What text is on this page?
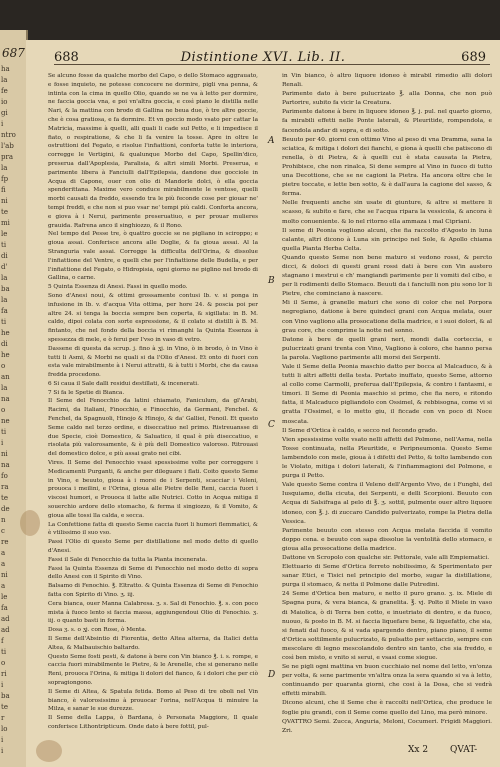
687
ha
la
fe
io
gi
i
ntro
l'ab
pra
la
fp
fi
ni
te
mi
le
ti
di
d'
la
ba
la
fa
ti
he
di
he
o
an
la
na
o
ne
ti
i
ni
na
fo
ra
te
de
n
c
re
a
a
ni
a
le
fa
ad
ad
f
ti
o
ri
i
ba
te
r
lo
i
i
688	Distintione XVI. Lib. II.	689

Se alcuno fosse da qualche morbo del Capo, o dello Stomaco aggrauato, e fosse inquieto, ne potesse concocere ne dormire, pigli vna penna, & intinta con la cima in quello Olio, quando se ne va à letto per dormire, ne faccia goccia vna, e poi vn'altra goccia, e così piano le distilla nelle Nari, & la mattina con brodo di Gallina ne beua due, ò tre altre goccie, che è cosa gratiosa, e fa dormire. Et vn goccio modo vsato per cattar la Matricia, massime à quelli, alli quali li cade sul Petto, e li impedisce il fiato, o respiratione, & che li fa venire la tosse. Apre in oltre le ostruttioni del Fegato, e risolue l'infiattioni, conforta tutte le interiora, corregge le Vertigini, & qualunque Morbo del Capo, Spellin'dico, preserua dall'Apoplesia, Paralisia, & altri simili Morbi. Preserua, e parimente libera à Fanciulli dall'Epilepsia, dandone due gocciole in Acqua di Capone, ouer con olio di Mandorle dolci, ò ella goccia spenderittana. Maxime vero conduce mirabilmente le ventose, quelli morbi causati da freddo, essendo tra le più feconde cose per giouar ne' tempi freddi, e che non si puo vsar ne' tempi più caldi. Conforta ancora, e giova à i Nerui, parimente preseruatiuo, e per prouar mulieres grauida. Rafrena anco il singhiozzo, & il Rono.

Nel tempo del Pesse tre, ò quattro goccie se ne pigliano in sciroppo; e gioua assai. Conferisce ancora alle Doglie, & fa gioua assai. Al la Stranguria vale assai. Corregge la difficulta dell'Orina, & dissolue l'infiattione del Ventre, e quelli che per l'infiattione delle Budella, e per l'infiattione del Fegato, o Hidropisia, ogni giorno ne piglino nel brodo di Gallina, o carne.

5 Quinta Essenza di Anesi. Fassi in quello modo.

Sono d'Anesi noui, & ottimi grossamente contusi lb. v. si ponga in infusione in lb. v. d'acqua Vita ottima, per hore 24. & poscia poi per altre 24. si tenga la boccia sempre ben coperta, & sigillata: in B. M. caldo, dipoi colata con sorte espressione, & il colato si distilli à B. M. fintanto, che nel fondo della boccia vi rimanghi la Quinta Essenza à spessezza di mele, e ò ferui per l'vso in vaso di vetro.

Dassene di questa da scrup. j. fino à ʒj. in Vino, ò in brodo, ò in Vino è tutti li Asmi, & Morbi ne quali si da l'Olio d'Anesi. Et onto di fuori con esta vale mirabilmente à i Nerui attratti, & à tutti i Morbi, che da causa fredda procedono.

6 Si caua il Sale dalli residui destillati, & incenerati.

7 Si fa le Spetie di Bianca.

Il Seme del Fenocchio da latini chiamato, Faniculum, da gl'Arabi, Racimi, da Italiani, Finocchio, e Finocchio, da Germani, Fenchel. & Fenchel, da Spagnuoli, Hinojo & Hinojo, & da' Galliei, Fenoil. Et questo Seme caldo nel terzo ordine, e diseccatiuo nel primo. Ristreuansse di due Specie, cioè Domestico, & Saluatico, il qual è più diseccatiuo, e risolata più valorosamente, & è più dell Domestico valoroso. Ritrouasi del domestico dolce, e più assai grato nei cibi.

Vires. Il Seme del Fenocchio vsasi spessissime volte per correggere i Medicamenti Purganti, & anche per dileguare i flati. Coito questo Seme in Vino, e beuuto, gioua à i morsi de i Serpenti, scacciar i Veleni, prouoca i meilini, e l'Orina, gioua alle Pietre delle Reni, caccia fuori i viscosi humori, e Prouoca il latte alle Nutrici. Cotto in Acqua mitiga il souerchio ardore dello stomacho, & ferma il singiozzo, & il Vomito, & gioua alle tossi lla calda, e secca.

La Confettione fatta di questo Seme caccia fuori li humori flemmatici, & è vtilissimo il suo vso.

Passi l'Olio di questo Seme per distillatione nel modo detto di quello d'Anesi.

Fassi il Sale di Fenocchio da tutta la Pianta incenerata.

Fassi la Quinta Essenza di Seme di Fenocchio nel modo detto di sopra dello Anesi con il Spirito di Vino.

Balsamo di Fenochio. ℥. Eltratto. & Quinta Essenza di Seme di Fenochio fatta con Spirito di Vino. ʒ. iij.

Cera bianca, ouer Manna Calabresa. ʒ. s. Sal di Fenochio. ℥. s. con poco mista à fuoco lento si faccia massa, aggiungendoui Olio di Fenochio. ʒ. iij. o quanto basti in forma.

Dosa ʒ. s. o ʒj. con Rose, ò Menta.

Il Seme dell'Absintio di Fiorentia, detto Altea alterna, da Italici detta Altea, & Malbauischio baltardo.

Questo Seme fosti pesti, & datone à bere con Vin bianco ℥. i. s. rompe, e caccia fuori mirabilmente le Pietre, & le Arenelle, che si generano nelle Reni, prouoca l'Orina, & mitiga li dolori del fianco, & i dolori che per ciò sopragiongono.

Il Seme di Altea, & Spatula fetida. Bomo al Peso di tre oboli nel Vin bianco, è valorosissimo à prouocar l'orina, nell'Acqua ti minuire la Milza, e sanar le sue durezze.

Il Seme della Lappa, ò Bardana, ò Personata Maggiore, Il quale conferisce Lithontripticum. Onde dato à bere fottil, pul-

in Vin bianco, ò altro liquore idoneo è mirabil rimedio alli dolori Renali.

Parimente dato à bere pulucrizato ℥. alla Donna, che non può Partorire, subito fa vicir la Creatura.

Parimente datone à bere in liquore idoneo ℥. j. pul. nel quarto giorno, fa mirabili effetti nelle Ponte laterali, & Pleuritide, rompendola, e facendola andar di sopra, e di sotto.

Beuuto per 40. giorni con ottimo Vino al peso di vna Dramma, sana la sciatica, & mitiga i dolori dei fianchi, e giona à quelli che patiscono di renella, ò di Pietra, & à quelli cui è stata causata la Pietra, Prohibisce, che non rinalca, Si dene sempre al Vino in fuoco di tutto una Decottione, che se ne cagioni la Pietra. Ha ancora oltre che le pietre toccate, e lette ben sotto, & è dall'aura la cagione del sasso, & ferma.

Nelle frequenti anche sin usate di giunture, & altre si mettere li scasso, & subito e fare, che se l'acqua ripara la vessicola, & ancora è molto conueniente. & lo nel ritorno ella ammaza i mal Cipriani.

Il seme di Peonia vogliono alcuni, che fia raccolto d'Agosto in luna calante, altri dicono à Luna sin principo nel Sole, & Apollo chiama quella Pianta Herba Celta.

Quando questo Seme non bene maturo si vedono rossi, & percto dicci, & doloci di questi grani rossi dati à bere con Vin austero stagnano i mestrui e ch' mangiandi parimente per li vomiti del cibo, e per li rodimenti dello Stomaco. Beuuti da i fanciulli non piu sono lor li Pietre, che cominciano à nascere.

Mi il Seme, à granelle maturi che sono di color che nel Porpora negregiano, datione à bere quindeci grani con Acqua melata, ouer con Vino vagliono alla prosocatione della madrice, e i suoi dolori, & al grau core, che comprime la notte nel sonno.

Datone à bere de quelli grani neri, mondi dalla corteccia, e pulucrizati grani trenta con Vino, Vagliono à coloro, che hanno persa la parola. Vagliono parimente alli morsi dei Serpenti.

Vale il Seme della Peonia maschio datto per bocca al Malcaduco, & à tutti li altri affetti della testa. Portato inuffato, questo Seme, attorno al collo come Carmolli, preferua dall'Epilepsia, & contro i fantasmi, e timori. Il Seme di Peonia maschio si primo, che fia nero, e ritondo fatta, il Malcaduco pigliandolo con Ossimel, & rebbisogna, come vi si gratta l'Ossimel, e lo metto giu, il ficcade con vn poco di Noce moscata.

Il Seme d'Ortica è caldo, e secco nel fecondo grado.

Vien spessissime volte vsato nelli affetti del Polmone, nell'Asma, nella Tosse continuata, nella Pleuritide, e Peripneumonia. Questo Seme lambendolo con mele, gioua à i difetti del Petto, & tolto lambendo con le Violato, mitiga i dolori laterali, & l'infiammagioni del Polmone, e purga il Petto.

Vale questo Seme contra il Veleno dell'Argento Vivo, de i Funghi, del Iusquiamo, della cicuta, dei Serpenti, e delli Scorpioni. Beuuto con Acqua di Salsifraga al pelo di ℥. ʒ. sottil, pulmente ouer altro liquore idoneo, con ℥. j. di zuccaro Candido pulverizato, rompe la Pietra della Vessica.

Parimente beuuto con stesso con Acqua melata faccida il vomito doppo cena. e beuuto con sapa dissolue la ventolità dello stomaco, e gioua alla prosocatione della madrice.

Dattone vn Scropolo con qualche sir. Pettorale, vale alli Empiematici.

Elettuario di Seme d'Ortica ferreto nobilissimo, & Sperimentato per sanar Etici, e Tisici nel principio del morbo, sugar la distillatione, purga il stomaco, & netta il Polmone dalle Putredini.

24 Seme d'Ortica ben maturo, e netto il puro grano. ʒ. ix. Miele di Spagna pura, & vera bianca, & granelita. ℥. vj. Polto il Miele in vaso di Maiolica, ò di Terra ben cotto, e inuetriato di dentro, e da fuoco, nuouo, & posto in B. M. si faccia liquefare bene, & liquefatto, che sia, si fenati dal fuoco, & si vada spargendo dentro, piano piano, il seme d'Ortica sottilmente pulucrizato, & pulsatto per settaccio, sempre con mescolare di legno mescolandolo dentro sin tanto, che sia freddo, e così ben misto, e vnito si serui, e vsasi come siegue.

Se ne pigli ogni mattina vn buon cucchiaio nel nome del letto, vn'onza per volta, & sene parimente vn'altra onza la sera quando si va à letto, continuando per quaranta giorni, che cosi à la Dosa, che si vedrà effetti mirabili.

Dicono alcuni, che il Seme che è raccolti nell'Ortica, che produce le foglie piu grandi, con il Seme come quello del Lino, ma però minore.

QVATTRO Semi. Zucca, Anguria, Meloni, Cocumeri. Frigidi Maggiori. Zri.

A
B
C
D
Xx 2 QVAT-
